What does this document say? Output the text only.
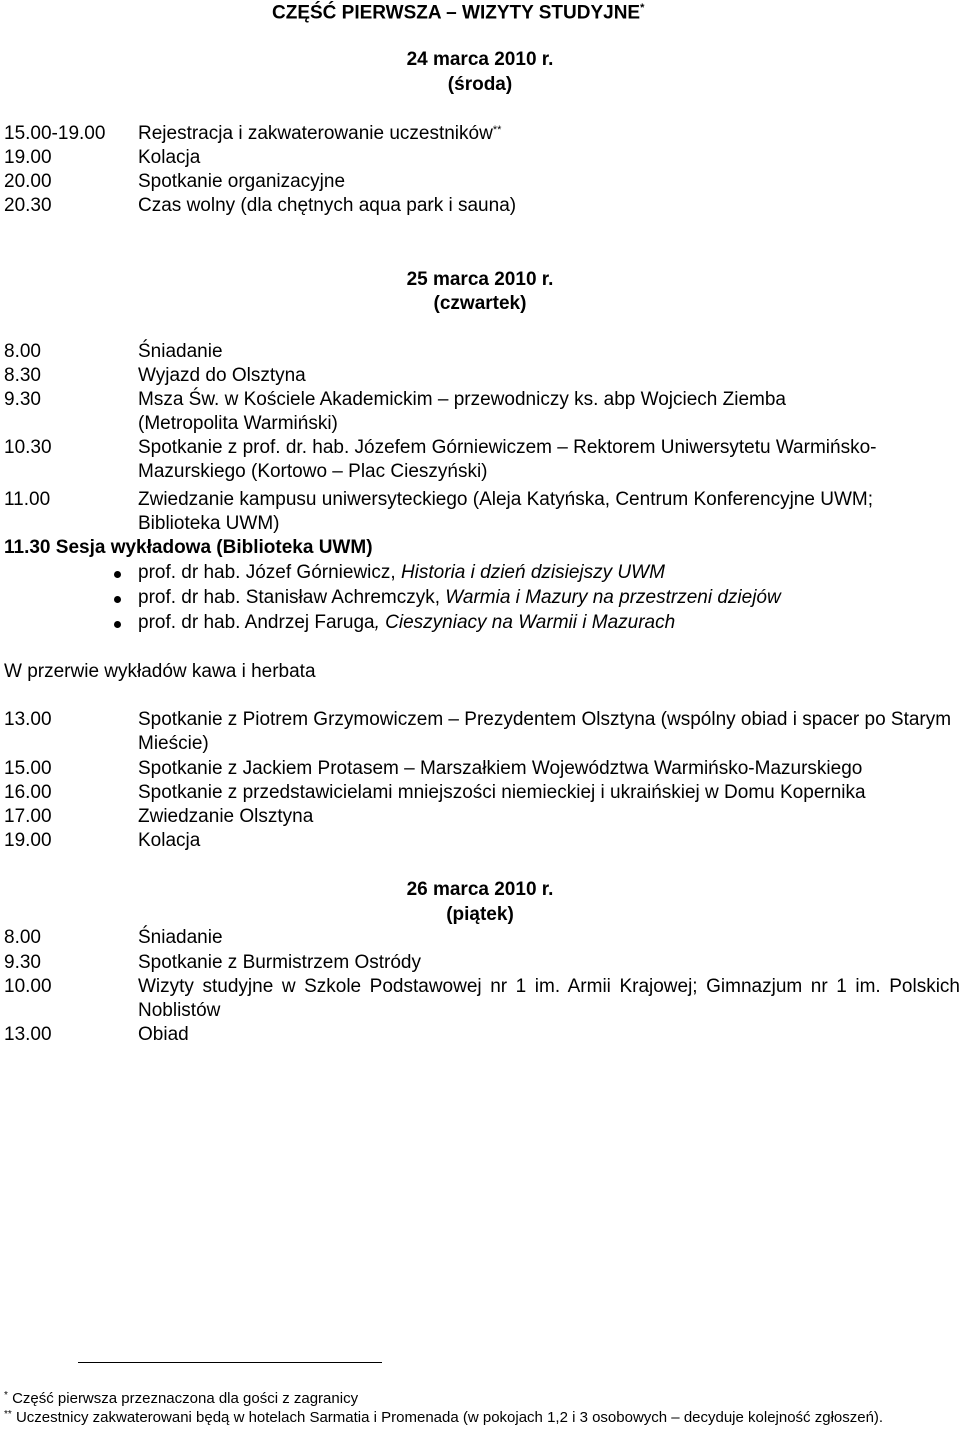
CZĘŚĆ PIERWSZA – WIZYTY STUDYJNE*
24 marca 2010 r.
(środa)
15.00-19.00	Rejestracja i zakwaterowanie uczestników**
19.00	Kolacja
20.00	Spotkanie organizacyjne
20.30	Czas wolny (dla chętnych aqua park i sauna)
25 marca 2010 r.
(czwartek)
8.00	Śniadanie
8.30	Wyjazd do Olsztyna
9.30	Msza Św. w Kościele Akademickim – przewodniczy ks. abp Wojciech Ziemba (Metropolita Warmiński)
10.30	Spotkanie z prof. dr. hab. Józefem Górniewiczem – Rektorem Uniwersytetu Warmińsko-Mazurskiego (Kortowo – Plac Cieszyński)
11.00	Zwiedzanie kampusu uniwersyteckiego (Aleja Katyńska, Centrum Konferencyjne UWM; Biblioteka UWM)
11.30 Sesja wykładowa (Biblioteka UWM)
prof. dr hab. Józef Górniewicz, Historia i dzień dzisiejszy UWM
prof. dr hab. Stanisław Achremczyk, Warmia i Mazury na przestrzeni dziejów
prof. dr hab. Andrzej Faruga, Cieszyniacy na Warmii i Mazurach
W przerwie wykładów kawa i herbata
13.00	Spotkanie z Piotrem Grzymowiczem – Prezydentem Olsztyna (wspólny obiad i spacer po Starym Mieście)
15.00	Spotkanie z Jackiem Protasem – Marszałkiem Województwa Warmińsko-Mazurskiego
16.00	Spotkanie z przedstawicielami mniejszości niemieckiej i ukraińskiej w Domu Kopernika
17.00	Zwiedzanie Olsztyna
19.00	Kolacja
26 marca 2010 r.
(piątek)
8.00	Śniadanie
9.30	Spotkanie z Burmistrzem Ostródy
10.00	Wizyty studyjne w Szkole Podstawowej nr 1 im. Armii Krajowej; Gimnazjum nr 1 im. Polskich Noblistów
13.00	Obiad
* Część pierwsza przeznaczona dla gości z zagranicy
** Uczestnicy zakwaterowani będą w hotelach Sarmatia i Promenada (w pokojach 1,2 i 3 osobowych – decyduje kolejność zgłoszeń).
